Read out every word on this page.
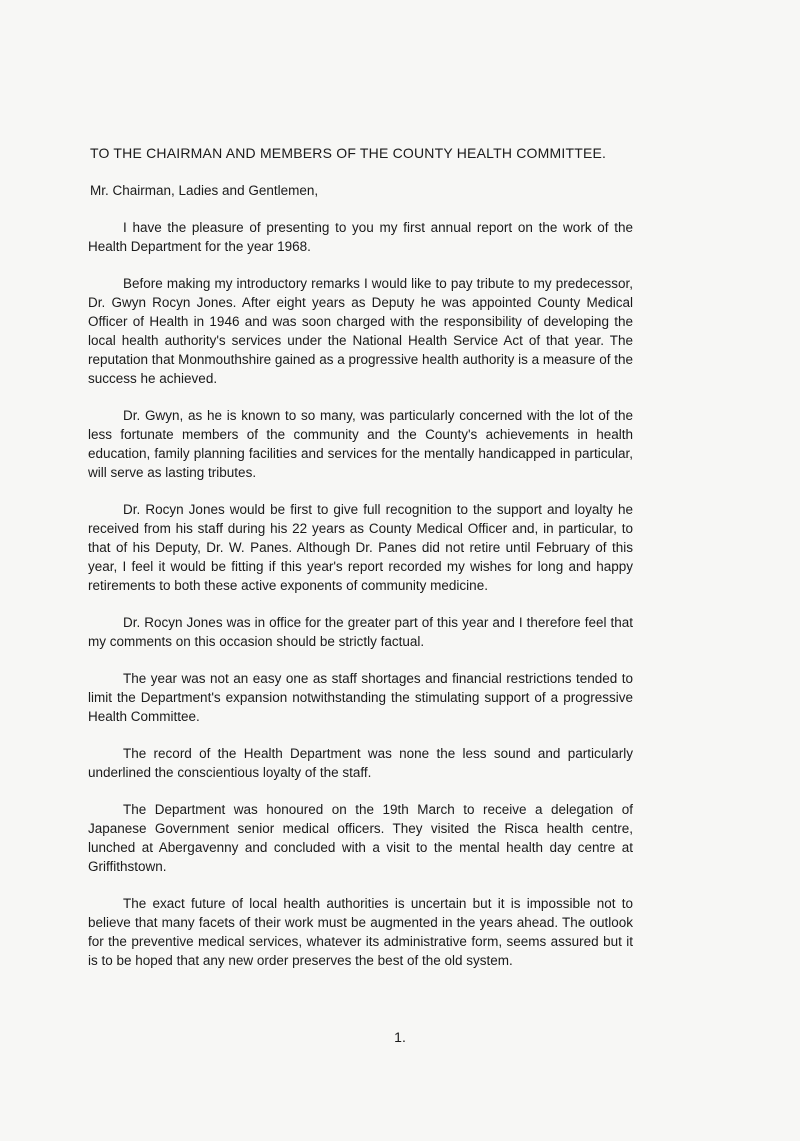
TO THE CHAIRMAN AND MEMBERS OF THE COUNTY HEALTH COMMITTEE.
Mr. Chairman, Ladies and Gentlemen,

I have the pleasure of presenting to you my first annual report on the work of the Health Department for the year 1968.

Before making my introductory remarks I would like to pay tribute to my predecessor, Dr. Gwyn Rocyn Jones. After eight years as Deputy he was appointed County Medical Officer of Health in 1946 and was soon charged with the responsibility of developing the local health authority's services under the National Health Service Act of that year. The reputation that Monmouthshire gained as a progressive health authority is a measure of the success he achieved.

Dr. Gwyn, as he is known to so many, was particularly concerned with the lot of the less fortunate members of the community and the County's achievements in health education, family planning facilities and services for the mentally handicapped in particular, will serve as lasting tributes.

Dr. Rocyn Jones would be first to give full recognition to the support and loyalty he received from his staff during his 22 years as County Medical Officer and, in particular, to that of his Deputy, Dr. W. Panes. Although Dr. Panes did not retire until February of this year, I feel it would be fitting if this year's report recorded my wishes for long and happy retirements to both these active exponents of community medicine.

Dr. Rocyn Jones was in office for the greater part of this year and I therefore feel that my comments on this occasion should be strictly factual.

The year was not an easy one as staff shortages and financial restrictions tended to limit the Department's expansion notwithstanding the stimulating support of a progressive Health Committee.

The record of the Health Department was none the less sound and particularly underlined the conscientious loyalty of the staff.

The Department was honoured on the 19th March to receive a delegation of Japanese Government senior medical officers. They visited the Risca health centre, lunched at Abergavenny and concluded with a visit to the mental health day centre at Griffithstown.

The exact future of local health authorities is uncertain but it is impossible not to believe that many facets of their work must be augmented in the years ahead. The outlook for the preventive medical services, whatever its administrative form, seems assured but it is to be hoped that any new order preserves the best of the old system.

1.
